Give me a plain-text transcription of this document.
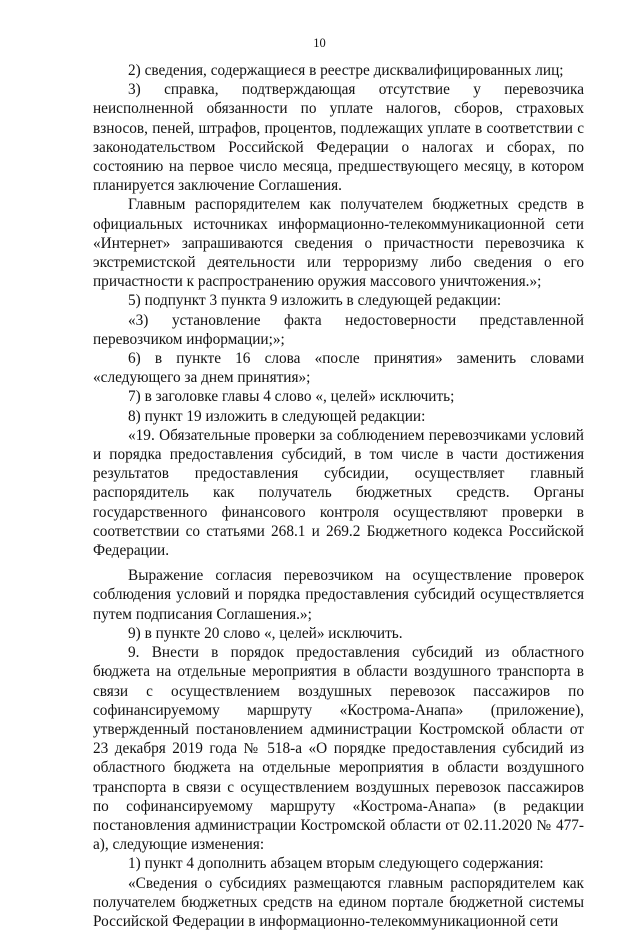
10

2) сведения, содержащиеся в реестре дисквалифицированных лиц;

3) справка, подтверждающая отсутствие у перевозчика неисполненной обязанности по уплате налогов, сборов, страховых взносов, пеней, штрафов, процентов, подлежащих уплате в соответствии с законодательством Российской Федерации о налогах и сборах, по состоянию на первое число месяца, предшествующего месяцу, в котором планируется заключение Соглашения.

Главным распорядителем как получателем бюджетных средств в официальных источниках информационно-телекоммуникационной сети «Интернет» запрашиваются сведения о причастности перевозчика к экстремистской деятельности или терроризму либо сведения о его причастности к распространению оружия массового уничтожения.»;

5) подпункт 3 пункта 9 изложить в следующей редакции:

«3) установление факта недостоверности представленной перевозчиком информации;»;

6) в пункте 16 слова «после принятия» заменить словами «следующего за днем принятия»;

7) в заголовке главы 4 слово «, целей» исключить;

8) пункт 19 изложить в следующей редакции:

«19. Обязательные проверки за соблюдением перевозчиками условий и порядка предоставления субсидий, в том числе в части достижения результатов предоставления субсидии, осуществляет главный распорядитель как получатель бюджетных средств. Органы государственного финансового контроля осуществляют проверки в соответствии со статьями 268.1 и 269.2 Бюджетного кодекса Российской Федерации.

Выражение согласия перевозчиком на осуществление проверок соблюдения условий и порядка предоставления субсидий осуществляется путем подписания Соглашения.»;

9) в пункте 20 слово «, целей» исключить.

9. Внести в порядок предоставления субсидий из областного бюджета на отдельные мероприятия в области воздушного транспорта в связи с осуществлением воздушных перевозок пассажиров по софинансируемому маршруту «Кострома-Анапа» (приложение), утвержденный постановлением администрации Костромской области от 23 декабря 2019 года № 518-а «О порядке предоставления субсидий из областного бюджета на отдельные мероприятия в области воздушного транспорта в связи с осуществлением воздушных перевозок пассажиров по софинансируемому маршруту «Кострома-Анапа» (в редакции постановления администрации Костромской области от 02.11.2020 № 477-а), следующие изменения:

1) пункт 4 дополнить абзацем вторым следующего содержания:

«Сведения о субсидиях размещаются главным распорядителем как получателем бюджетных средств на едином портале бюджетной системы Российской Федерации в информационно-телекоммуникационной сети
